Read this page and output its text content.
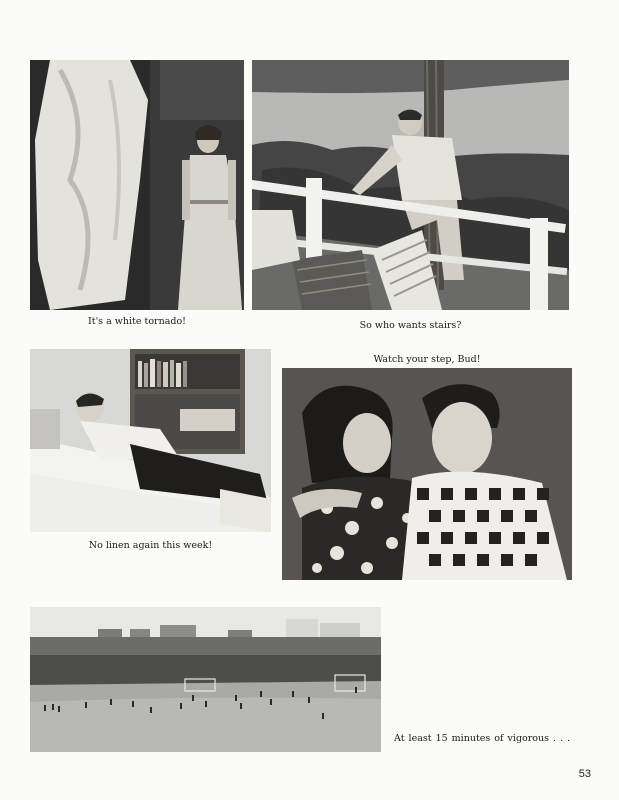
It's a white tornado!	So who wants stairs?
Watch your step, Bud!
No linen again this week!
At least 15 minutes of vigorous . . .
53
